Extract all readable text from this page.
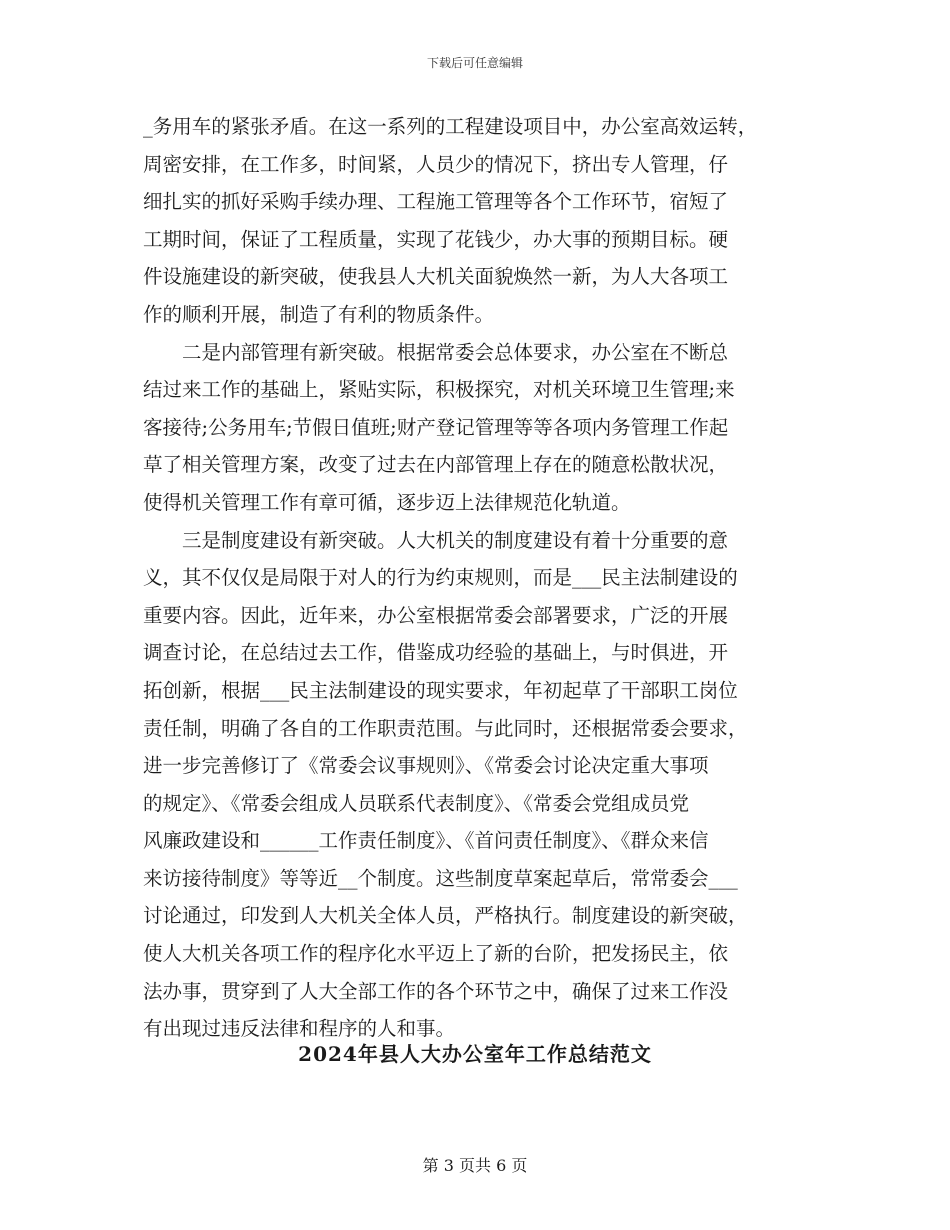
下载后可任意编辑
_务用车的紧张矛盾。在这一系列的工程建设项目中，办公室高效运转，
周密安排，在工作多，时间紧，人员少的情况下，挤出专人管理，仔
细扎实的抓好采购手续办理、工程施工管理等各个工作环节，宿短了
工期时间，保证了工程质量，实现了花钱少，办大事的预期目标。硬
件设施建设的新突破，使我县人大机关面貌焕然一新，为人大各项工
作的顺利开展，制造了有利的物质条件。
　　二是内部管理有新突破。根据常委会总体要求，办公室在不断总
结过来工作的基础上，紧贴实际，积极探究，对机关环境卫生管理;来
客接待;公务用车;节假日值班;财产登记管理等等各项内务管理工作起
草了相关管理方案，改变了过去在内部管理上存在的随意松散状况，
使得机关管理工作有章可循，逐步迈上法律规范化轨道。
　　三是制度建设有新突破。人大机关的制度建设有着十分重要的意
义，其不仅仅是局限于对人的行为约束规则，而是___民主法制建设的
重要内容。因此，近年来，办公室根据常委会部署要求，广泛的开展
调查讨论，在总结过去工作，借鉴成功经验的基础上，与时俱进，开
拓创新，根据___民主法制建设的现实要求，年初起草了干部职工岗位
责任制，明确了各自的工作职责范围。与此同时，还根据常委会要求，
进一步完善修订了《常委会议事规则》、《常委会讨论决定重大事项
的规定》、《常委会组成人员联系代表制度》、《常委会党组成员党
风廉政建设和______工作责任制度》、《首问责任制度》、《群众来信
来访接待制度》等等近__个制度。这些制度草案起草后，常常委会___
讨论通过，印发到人大机关全体人员，严格执行。制度建设的新突破，
使人大机关各项工作的程序化水平迈上了新的台阶，把发扬民主，依
法办事，贯穿到了人大全部工作的各个环节之中，确保了过来工作没
有出现过违反法律和程序的人和事。
2024年县人大办公室年工作总结范文
第 3 页共 6 页
